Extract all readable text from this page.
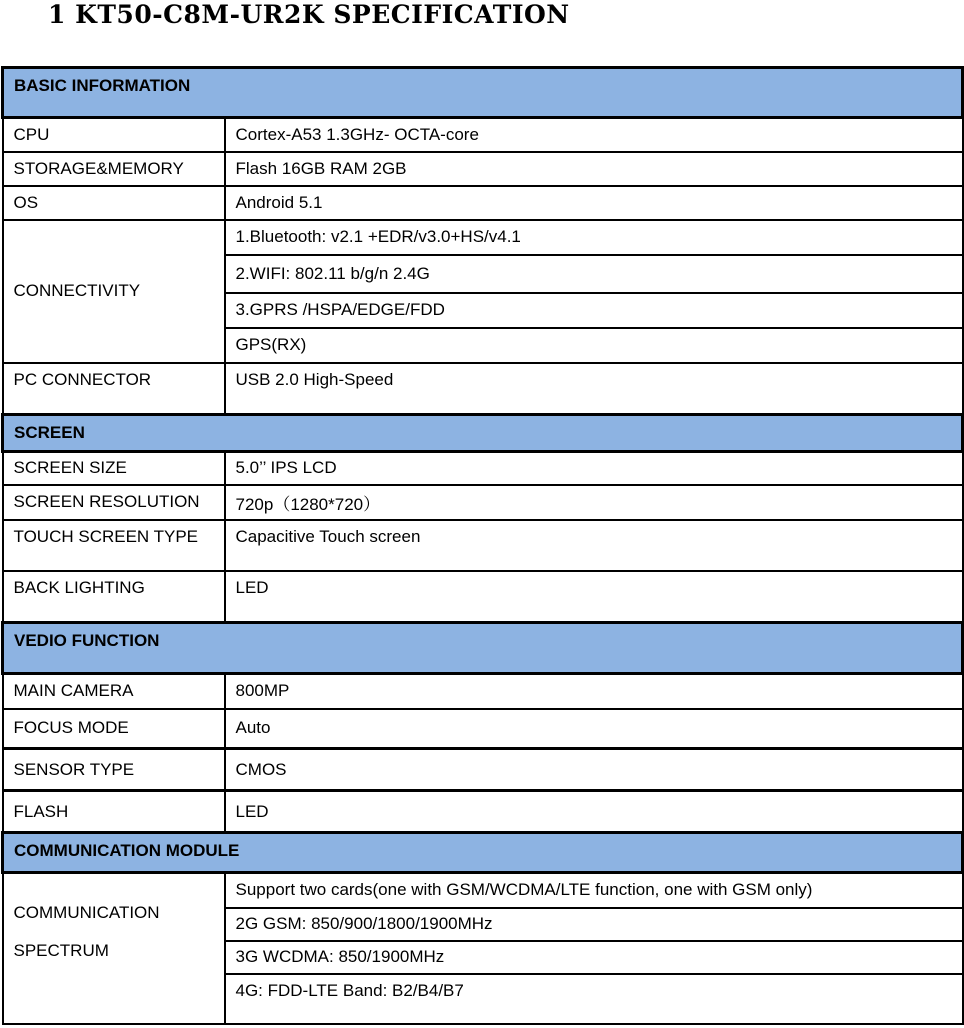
1 KT50-C8M-UR2K SPECIFICATION
BASIC INFORMATION	
CPU	Cortex-A53 1.3GHz- OCTA-core
STORAGE&MEMORY	Flash 16GB RAM 2GB
OS	Android 5.1
CONNECTIVITY	1.Bluetooth: v2.1 +EDR/v3.0+HS/v4.1
	2.WIFI: 802.11 b/g/n 2.4G
	3.GPRS /HSPA/EDGE/FDD
	GPS(RX)
PC CONNECTOR	USB 2.0 High-Speed
SCREEN	
SCREEN SIZE	5.0’’ IPS LCD
SCREEN RESOLUTION	720p（1280*720）
TOUCH SCREEN TYPE	Capacitive Touch screen
BACK LIGHTING	LED
VEDIO FUNCTION	
MAIN CAMERA	800MP
FOCUS MODE	Auto
SENSOR TYPE	CMOS
FLASH	LED
COMMUNICATION MODULE	
COMMUNICATION
SPECTRUM	Support two cards(one with GSM/WCDMA/LTE function, one with GSM only)
	2G GSM: 850/900/1800/1900MHz
	3G WCDMA: 850/1900MHz
	4G: FDD-LTE Band: B2/B4/B7
